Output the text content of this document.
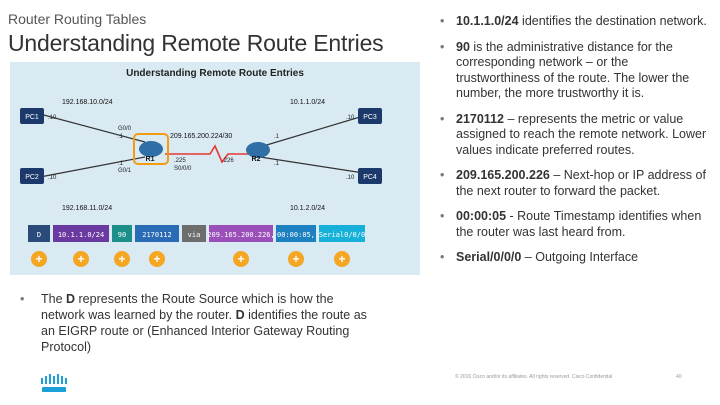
Router Routing Tables
Understanding Remote Route Entries
Understanding Remote Route Entries
PC1
PC2
PC3
PC4
R1	R2
192.168.10.0/24	10.1.1.0/24
192.168.11.0/24	10.1.2.0/24
209.165.200.224/30
G0/0
G0/1	S0/0/0
.225	.226
.10
.10
.1
.1
.10
.10
.1
.1
D 10.1.1.0/24 90 2170112 via 209.165.200.226, 00:00:05, Serial0/0/0
+	+	+ +	+	+	+
• The D represents the Route Source which is how the network was learned by the router. D identifies the route as an EIGRP route or (Enhanced Interior Gateway Routing Protocol)
• 10.1.1.0/24 identifies the destination network.
• 90 is the administrative distance for the corresponding network – or the trustworthiness of the route. The lower the number, the more trustworthy it is.
• 2170112 – represents the metric or value assigned to reach the remote network. Lower values indicate preferred routes.
• 209.165.200.226 – Next-hop or IP address of the next router to forward the packet.
• 00:00:05 - Route Timestamp identifies when the router was last heard from.
• Serial/0/0/0 – Outgoing Interface
© 2016 Cisco and/or its affiliates. All rights reserved. Cisco Confidential	40
